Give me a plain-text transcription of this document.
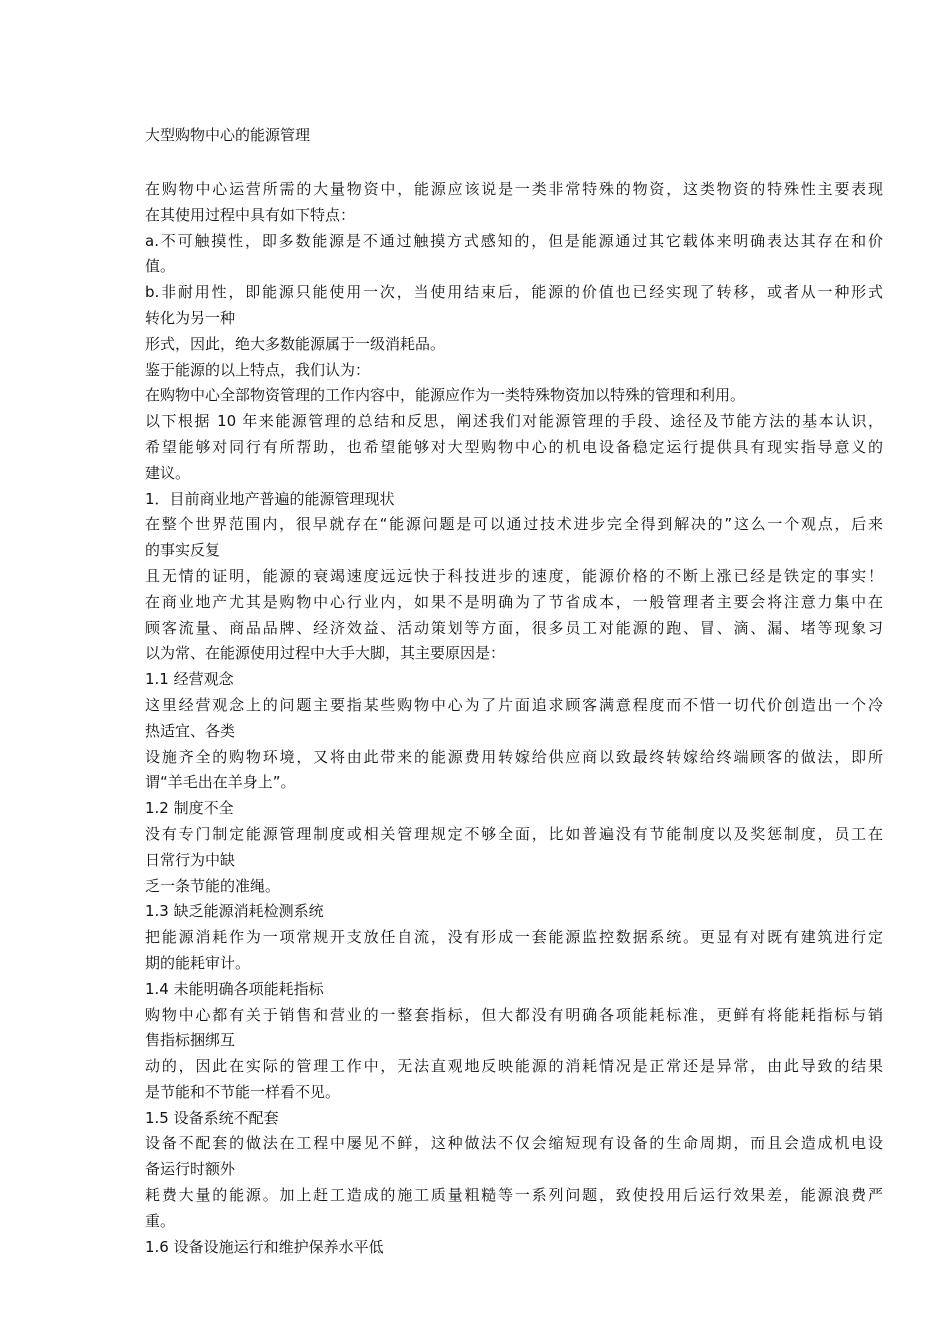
大型购物中心的能源管理
在购物中心运营所需的大量物资中，能源应该说是一类非常特殊的物资，这类物资的特殊性主要表现
在其使用过程中具有如下特点：
a.不可触摸性，即多数能源是不通过触摸方式感知的，但是能源通过其它载体来明确表达其存在和价
值。
b.非耐用性，即能源只能使用一次，当使用结束后，能源的价值也已经实现了转移，或者从一种形式
转化为另一种
形式，因此，绝大多数能源属于一级消耗品。
鉴于能源的以上特点，我们认为：
在购物中心全部物资管理的工作内容中，能源应作为一类特殊物资加以特殊的管理和利用。
以下根据 10 年来能源管理的总结和反思，阐述我们对能源管理的手段、途径及节能方法的基本认识，
希望能够对同行有所帮助，也希望能够对大型购物中心的机电设备稳定运行提供具有现实指导意义的
建议。
1．目前商业地产普遍的能源管理现状
在整个世界范围内，很早就存在“能源问题是可以通过技术进步完全得到解决的”这么一个观点，后来
的事实反复
且无情的证明，能源的衰竭速度远远快于科技进步的速度，能源价格的不断上涨已经是铁定的事实！
在商业地产尤其是购物中心行业内，如果不是明确为了节省成本，一般管理者主要会将注意力集中在
顾客流量、商品品牌、经济效益、活动策划等方面，很多员工对能源的跑、冒、滴、漏、堵等现象习
以为常、在能源使用过程中大手大脚，其主要原因是：
1.1 经营观念
这里经营观念上的问题主要指某些购物中心为了片面追求顾客满意程度而不惜一切代价创造出一个冷
热适宜、各类
设施齐全的购物环境，又将由此带来的能源费用转嫁给供应商以致最终转嫁给终端顾客的做法，即所
谓“羊毛出在羊身上”。
1.2 制度不全
没有专门制定能源管理制度或相关管理规定不够全面，比如普遍没有节能制度以及奖惩制度，员工在
日常行为中缺
乏一条节能的准绳。
1.3 缺乏能源消耗检测系统
把能源消耗作为一项常规开支放任自流，没有形成一套能源监控数据系统。更显有对既有建筑进行定
期的能耗审计。
1.4 未能明确各项能耗指标
购物中心都有关于销售和营业的一整套指标，但大都没有明确各项能耗标准，更鲜有将能耗指标与销
售指标捆绑互
动的，因此在实际的管理工作中，无法直观地反映能源的消耗情况是正常还是异常，由此导致的结果
是节能和不节能一样看不见。
1.5 设备系统不配套
设备不配套的做法在工程中屡见不鲜，这种做法不仅会缩短现有设备的生命周期，而且会造成机电设
备运行时额外
耗费大量的能源。加上赶工造成的施工质量粗糙等一系列问题，致使投用后运行效果差，能源浪费严
重。
1.6 设备设施运行和维护保养水平低
